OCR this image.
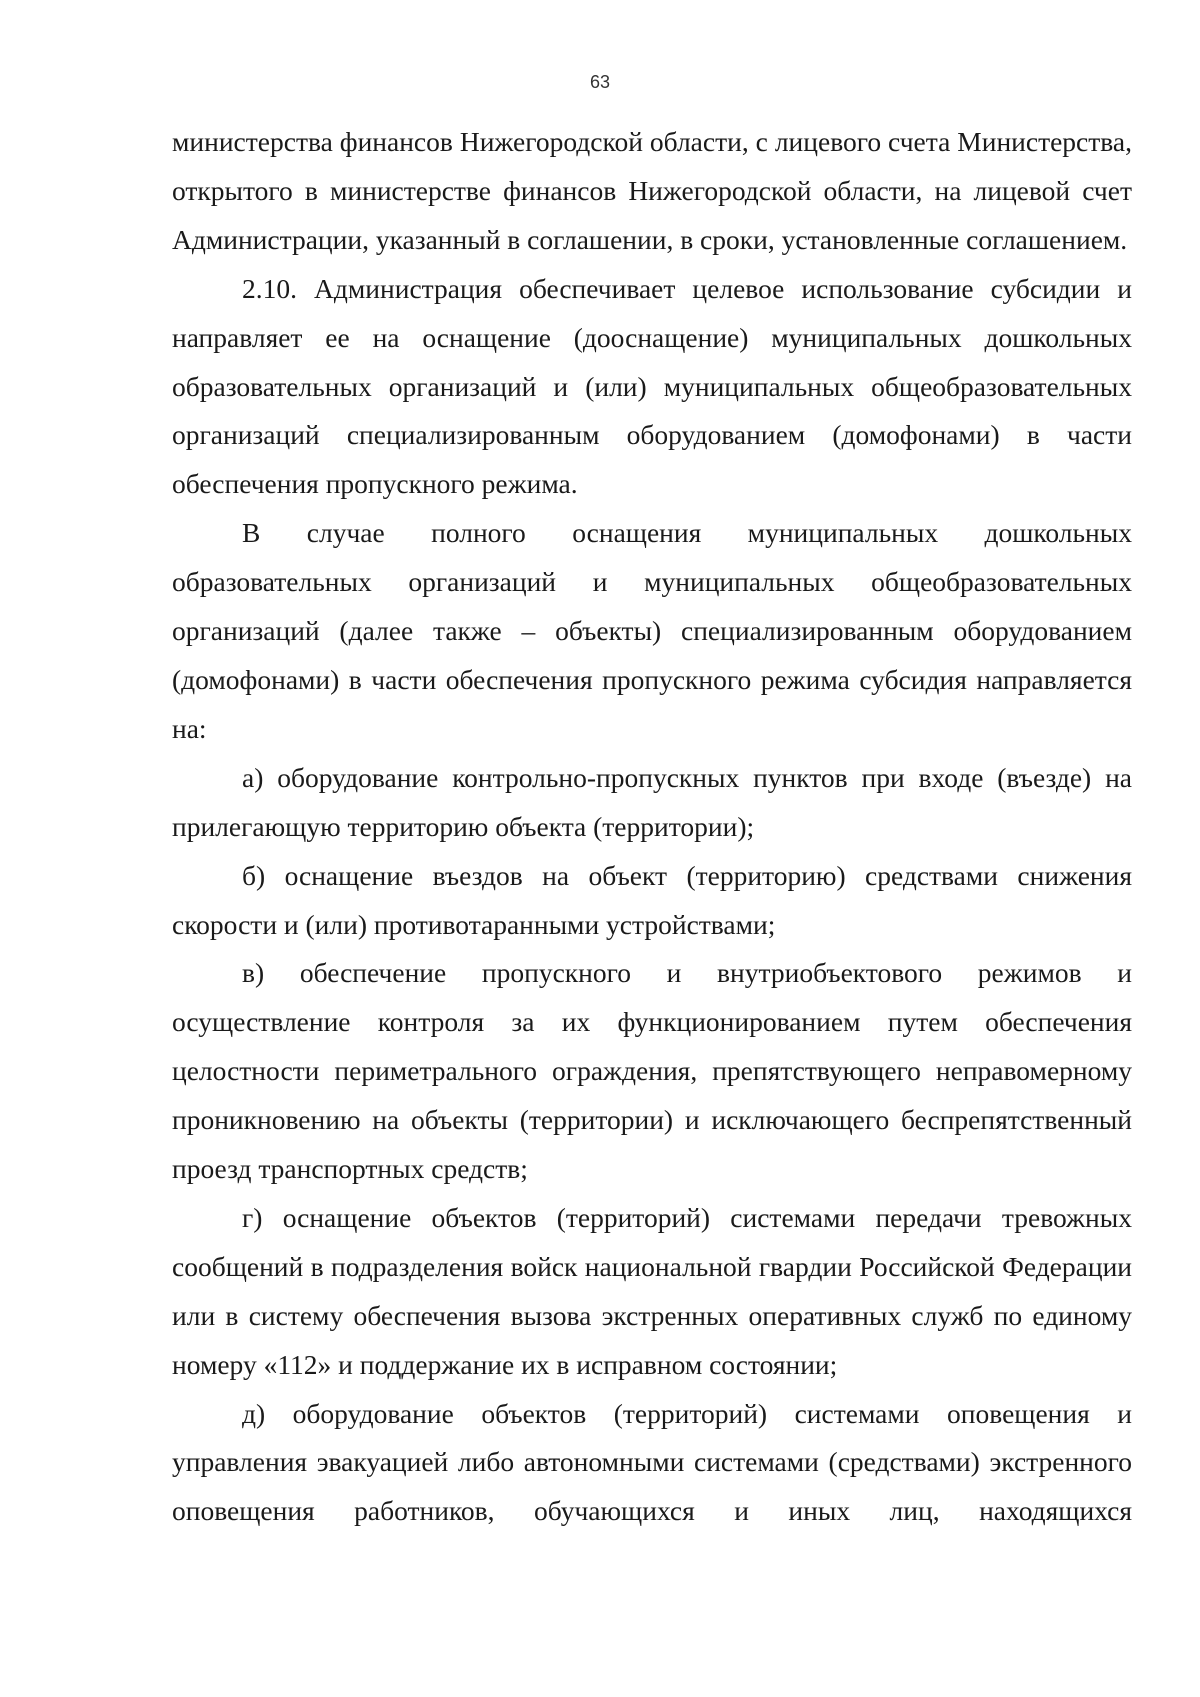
63

министерства финансов Нижегородской области, с лицевого счета Министерства, открытого в министерстве финансов Нижегородской области, на лицевой счет Администрации, указанный в соглашении, в сроки, установленные соглашением.

2.10. Администрация обеспечивает целевое использование субсидии и направляет ее на оснащение (дооснащение) муниципальных дошкольных образовательных организаций и (или) муниципальных общеобразовательных организаций специализированным оборудованием (домофонами) в части обеспечения пропускного режима.

В случае полного оснащения муниципальных дошкольных образовательных организаций и муниципальных общеобразовательных организаций (далее также – объекты) специализированным оборудованием (домофонами) в части обеспечения пропускного режима субсидия направляется на:

а) оборудование контрольно-пропускных пунктов при входе (въезде) на прилегающую территорию объекта (территории);

б) оснащение въездов на объект (территорию) средствами снижения скорости и (или) противотаранными устройствами;

в) обеспечение пропускного и внутриобъектового режимов и осуществление контроля за их функционированием путем обеспечения целостности периметрального ограждения, препятствующего неправомерному проникновению на объекты (территории) и исключающего беспрепятственный проезд транспортных средств;

г) оснащение объектов (территорий) системами передачи тревожных сообщений в подразделения войск национальной гвардии Российской Федерации или в систему обеспечения вызова экстренных оперативных служб по единому номеру «112» и поддержание их в исправном состоянии;

д) оборудование объектов (территорий) системами оповещения и управления эвакуацией либо автономными системами (средствами) экстренного оповещения работников, обучающихся и иных лиц, находящихся
